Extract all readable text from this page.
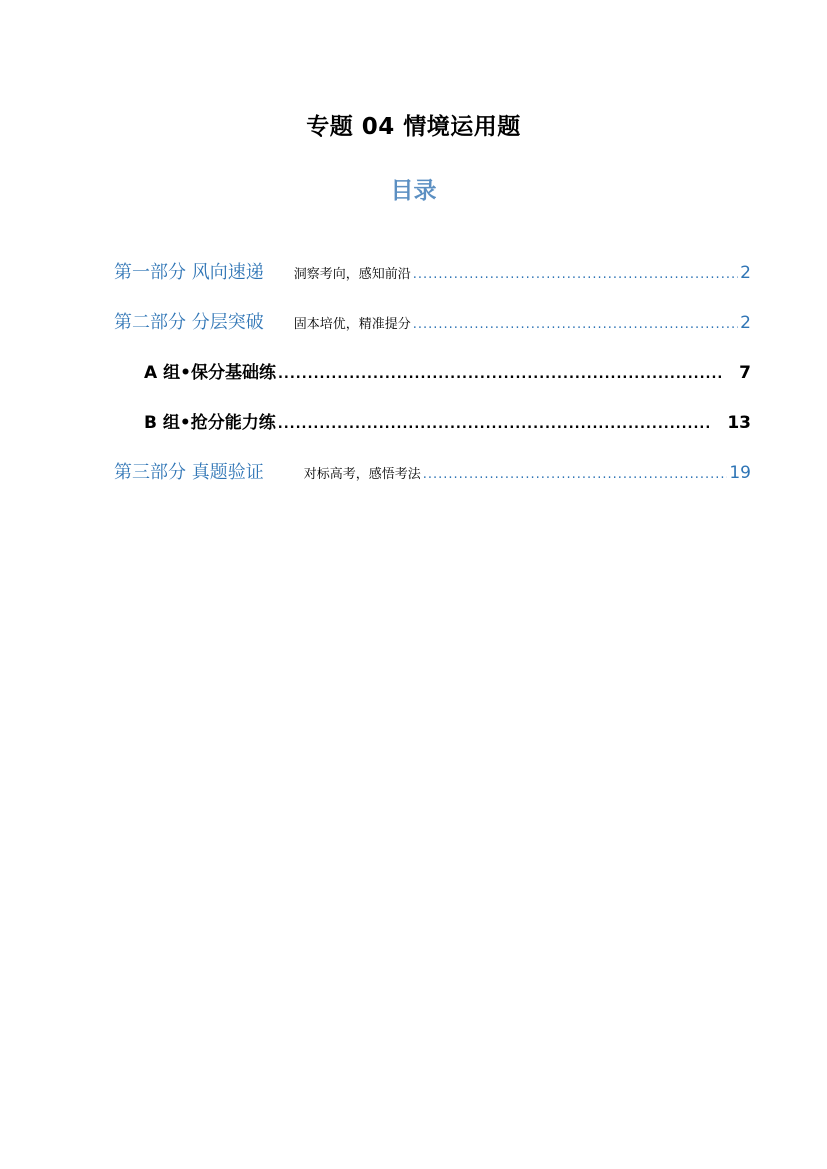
专题 04 情境运用题
目录
第一部分 风向速递 洞察考向，感知前沿 .....	2
第二部分 分层突破 固本培优，精准提分 .....	2
A 组•保分基础练 .....	7
B 组•抢分能力练 .....	13
第三部分 真题验证	对标高考，感悟考法 .....	19
